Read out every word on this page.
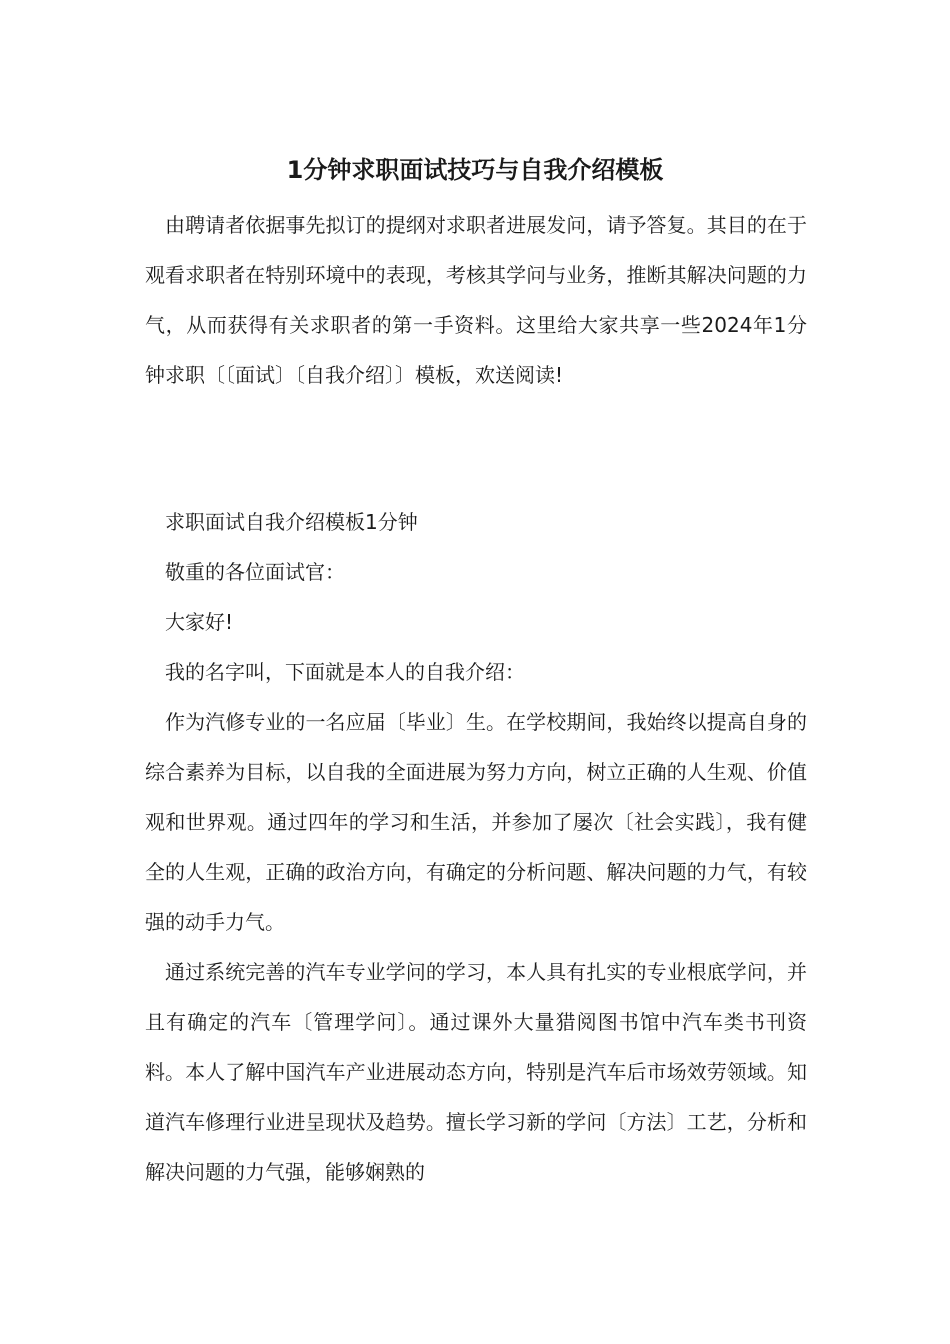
1分钟求职面试技巧与自我介绍模板

由聘请者依据事先拟订的提纲对求职者进展发问，请予答复。其目的在于观看求职者在特别环境中的表现，考核其学问与业务，推断其解决问题的力气，从而获得有关求职者的第一手资料。这里给大家共享一些2024年1分钟求职〔〔面试〕〔自我介绍〕〕模板，欢送阅读!

求职面试自我介绍模板1分钟

敬重的各位面试官：

大家好!

我的名字叫，下面就是本人的自我介绍：

作为汽修专业的一名应届〔毕业〕生。在学校期间，我始终以提高自身的综合素养为目标，以自我的全面进展为努力方向，树立正确的人生观、价值观和世界观。通过四年的学习和生活，并参加了屡次〔社会实践〕，我有健全的人生观，正确的政治方向，有确定的分析问题、解决问题的力气，有较强的动手力气。

通过系统完善的汽车专业学问的学习，本人具有扎实的专业根底学问，并且有确定的汽车〔管理学问〕。通过课外大量猎阅图书馆中汽车类书刊资料。本人了解中国汽车产业进展动态方向，特别是汽车后市场效劳领域。知道汽车修理行业进呈现状及趋势。擅长学习新的学问〔方法〕工艺，分析和解决问题的力气强，能够娴熟的
